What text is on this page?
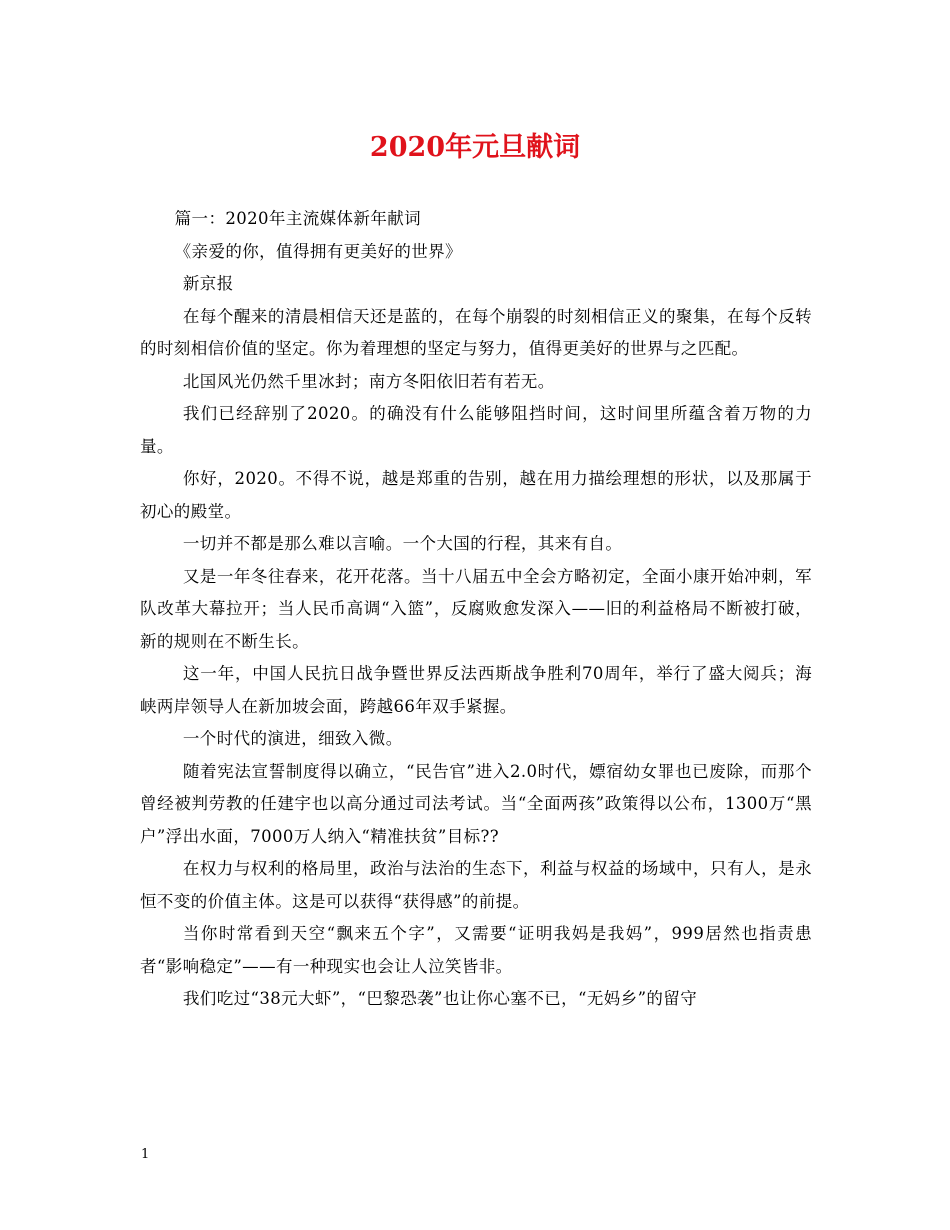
2020年元旦献词

篇一：2020年主流媒体新年献词

《亲爱的你，值得拥有更美好的世界》

新京报

在每个醒来的清晨相信天还是蓝的，在每个崩裂的时刻相信正义的聚集，在每个反转的时刻相信价值的坚定。你为着理想的坚定与努力，值得更美好的世界与之匹配。

北国风光仍然千里冰封；南方冬阳依旧若有若无。

我们已经辞别了2020。的确没有什么能够阻挡时间，这时间里所蕴含着万物的力量。

你好，2020。不得不说，越是郑重的告别，越在用力描绘理想的形状，以及那属于初心的殿堂。

一切并不都是那么难以言喻。一个大国的行程，其来有自。

又是一年冬往春来，花开花落。当十八届五中全会方略初定，全面小康开始冲刺，军队改革大幕拉开；当人民币高调“入篮”，反腐败愈发深入——旧的利益格局不断被打破，新的规则在不断生长。

这一年，中国人民抗日战争暨世界反法西斯战争胜利70周年，举行了盛大阅兵；海峡两岸领导人在新加坡会面，跨越66年双手紧握。

一个时代的演进，细致入微。

随着宪法宣誓制度得以确立，“民告官”进入2.0时代，嫖宿幼女罪也已废除，而那个曾经被判劳教的任建宇也以高分通过司法考试。当“全面两孩”政策得以公布，1300万“黑户”浮出水面，7000万人纳入“精准扶贫”目标??

在权力与权利的格局里，政治与法治的生态下，利益与权益的场域中，只有人，是永恒不变的价值主体。这是可以获得“获得感”的前提。

当你时常看到天空“飘来五个字”，又需要“证明我妈是我妈”，999居然也指责患者“影响稳定”——有一种现实也会让人泣笑皆非。

我们吃过“38元大虾”，“巴黎恐袭”也让你心塞不已，“无妈乡”的留守

1
